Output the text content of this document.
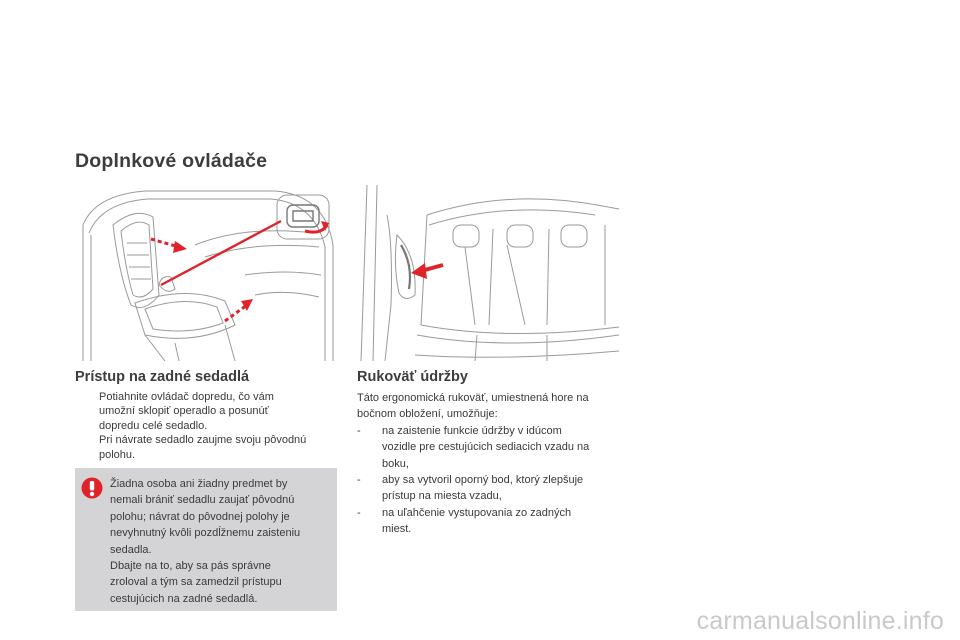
Doplnkové ovládače
Prístup na zadné sedadlá
Potiahnite ovládač dopredu, čo vám
umožní sklopiť operadlo a posunúť
dopredu celé sedadlo.
Pri návrate sedadlo zaujme svoju pôvodnú
polohu.
Žiadna osoba ani žiadny predmet by
nemali brániť sedadlu zaujať pôvodnú
polohu; návrat do pôvodnej polohy je
nevyhnutný kvôli pozdĺžnemu zaisteniu
sedadla.
Dbajte na to, aby sa pás správne
zroloval a tým sa zamedzil prístupu
cestujúcich na zadné sedadlá.
Rukoväť údržby

Táto ergonomická rukoväť, umiestnená hore na

bočnom obložení, umožňuje:

- na zaistenie funkcie údržby v idúcom
vozidle pre cestujúcich sediacich vzadu na
boku,
- aby sa vytvoril oporný bod, ktorý zlepšuje
prístup na miesta vzadu,
- na uľahčenie vystupovania zo zadných
miest.
carmanualsonline.info
